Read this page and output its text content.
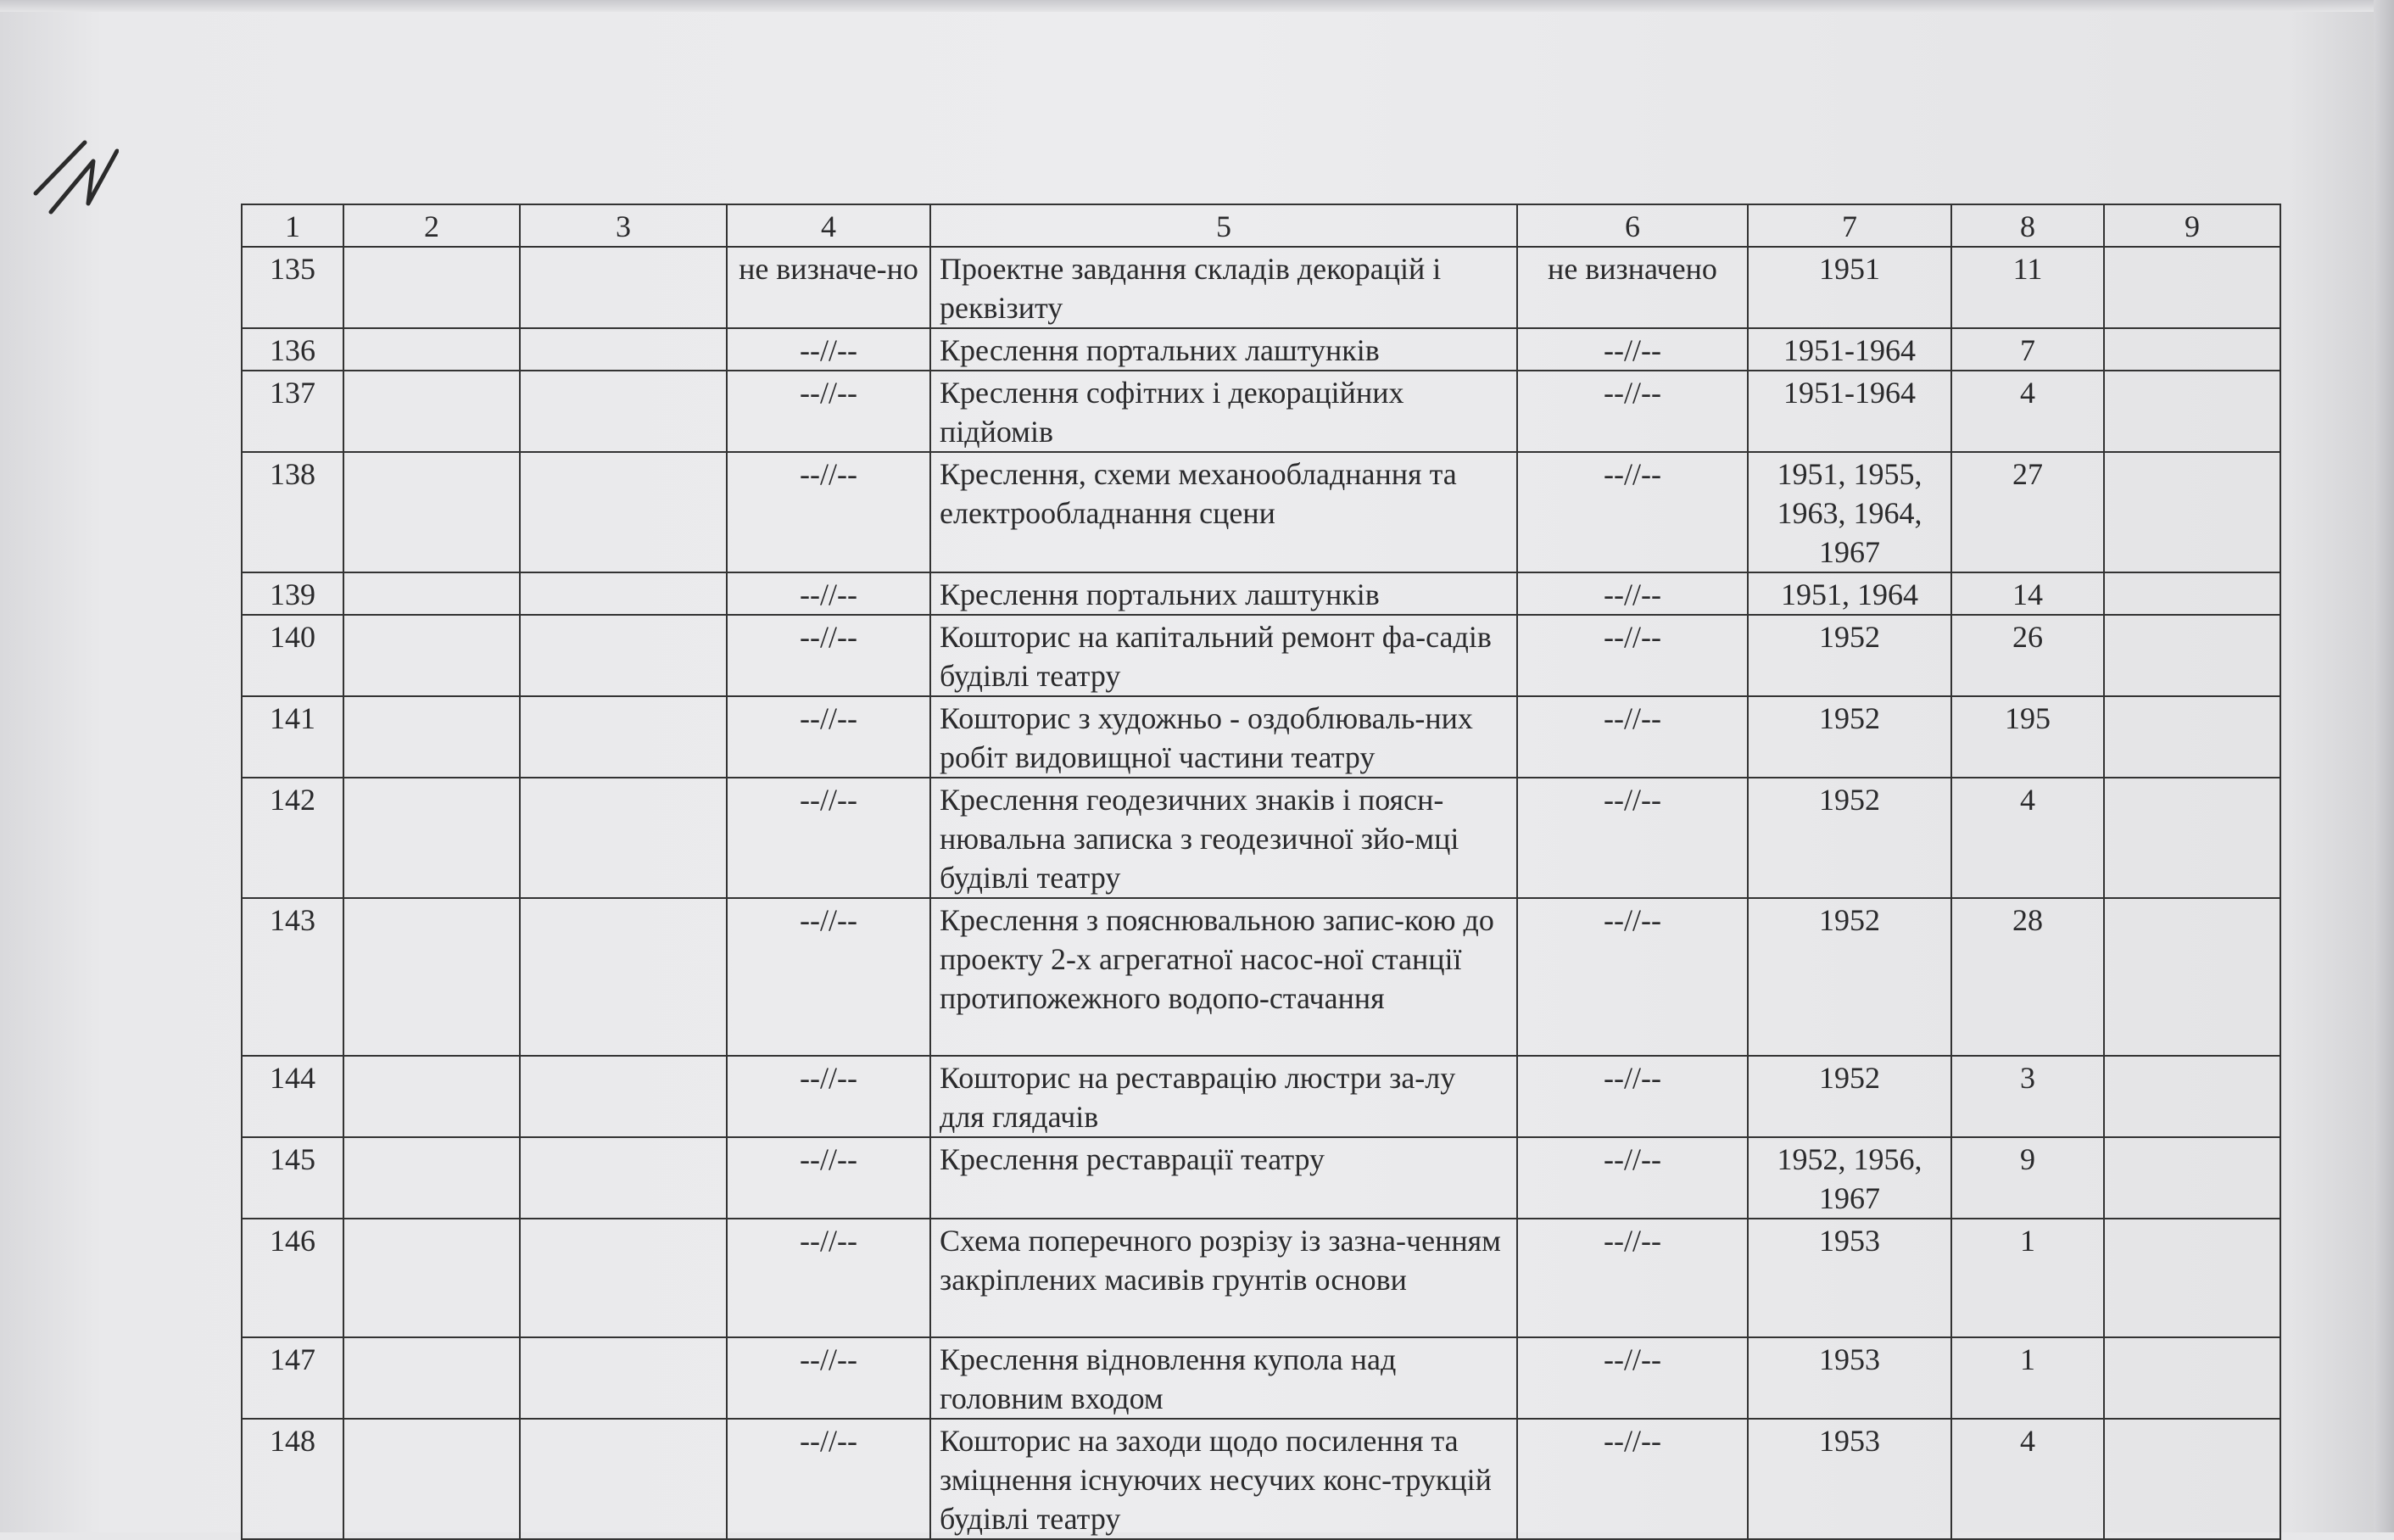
1	2	3	4	5	6	7	8	9
135			не визначе-но	Проектне завдання складів декорацій і реквізиту	не визначено	1951	11	
136			--//--	Креслення портальних лаштунків	--//--	1951-1964	7	
137			--//--	Креслення софітних і декораційних підйомів	--//--	1951-1964	4	
138			--//--	Креслення, схеми механообладнання та електрообладнання сцени	--//--	1951, 1955, 1963, 1964, 1967	27	
139			--//--	Креслення портальних лаштунків	--//--	1951, 1964	14	
140			--//--	Кошторис на капітальний ремонт фа-садів будівлі театру	--//--	1952	26	
141			--//--	Кошторис з художньо - оздоблюваль-них робіт видовищної частини театру	--//--	1952	195	
142			--//--	Креслення геодезичних знаків і поясн-нювальна записка з геодезичної зйо-мці будівлі театру	--//--	1952	4	
143			--//--	Креслення з пояснювальною запис-кою до проекту 2-х агрегатної насос-ної станції протипожежного водопо-стачання	--//--	1952	28	
144			--//--	Кошторис на реставрацію люстри за-лу для глядачів	--//--	1952	3	
145			--//--	Креслення реставрації театру	--//--	1952, 1956, 1967	9	
146			--//--	Схема поперечного розрізу із зазна-ченням закріплених масивів грунтів основи	--//--	1953	1	
147			--//--	Креслення відновлення купола над головним входом	--//--	1953	1	
148			--//--	Кошторис на заходи щодо посилення та зміцнення існуючих несучих конс-трукцій будівлі театру	--//--	1953	4	
